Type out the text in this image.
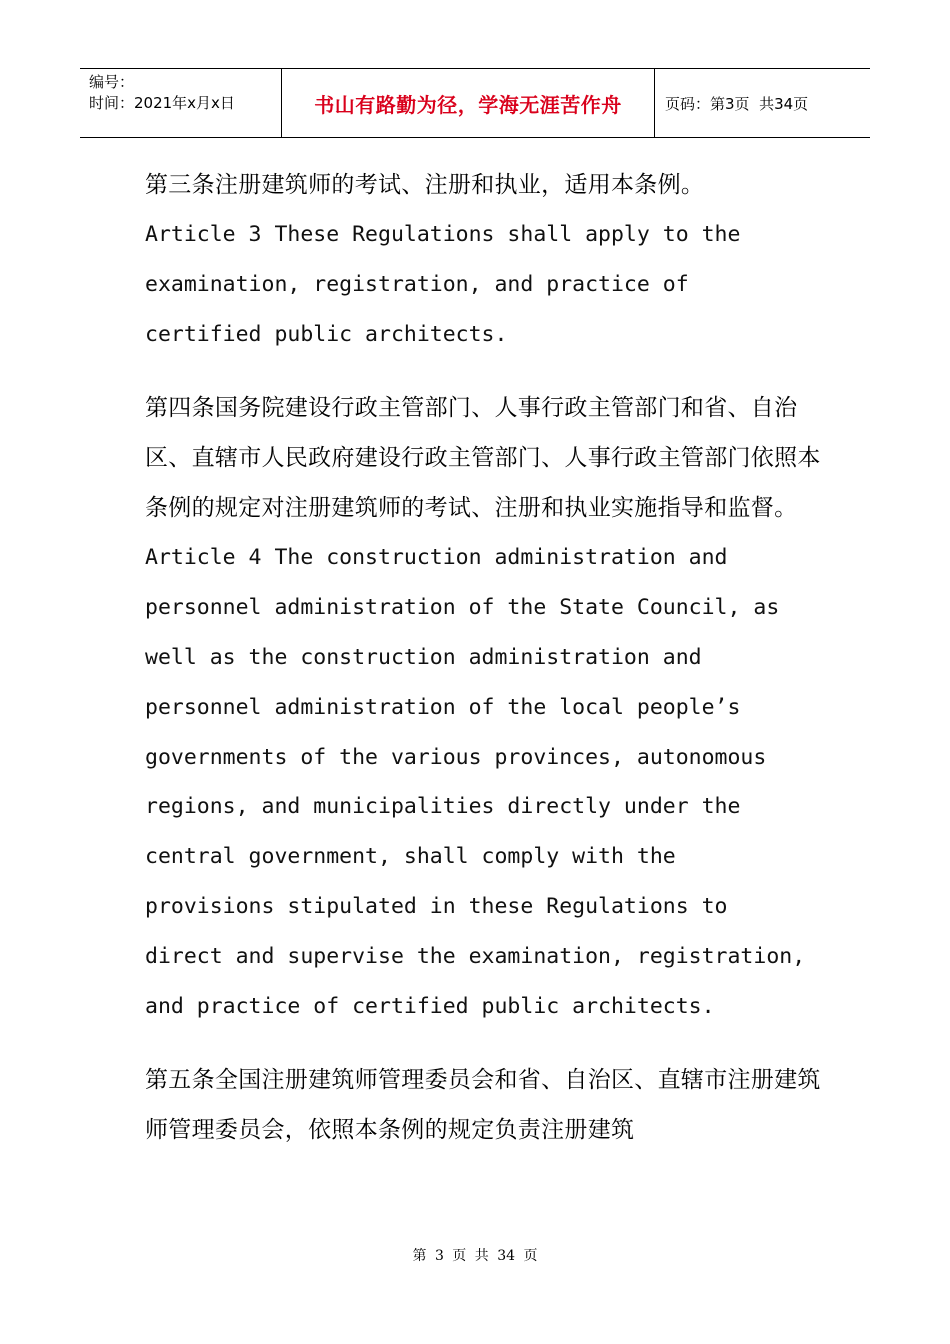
编号：
时间：2021年x月x日	书山有路勤为径，学海无涯苦作舟	页码：第3页  共34页

第三条注册建筑师的考试、注册和执业，适用本条例。

Article 3 These Regulations shall apply to the
examination, registration, and practice of
certified public architects.

第四条国务院建设行政主管部门、人事行政主管部门和省、自治区、直辖市人民政府建设行政主管部门、人事行政主管部门依照本条例的规定对注册建筑师的考试、注册和执业实施指导和监督。

Article 4 The construction administration and
personnel administration of the State Council, as
well as the construction administration and
personnel administration of the local people’s
governments of the various provinces, autonomous
regions, and municipalities directly under the
central government, shall comply with the
provisions stipulated in these Regulations to
direct and supervise the examination, registration,
and practice of certified public architects.

第五条全国注册建筑师管理委员会和省、自治区、直辖市注册建筑师管理委员会，依照本条例的规定负责注册建筑

第 3 页 共 34 页
